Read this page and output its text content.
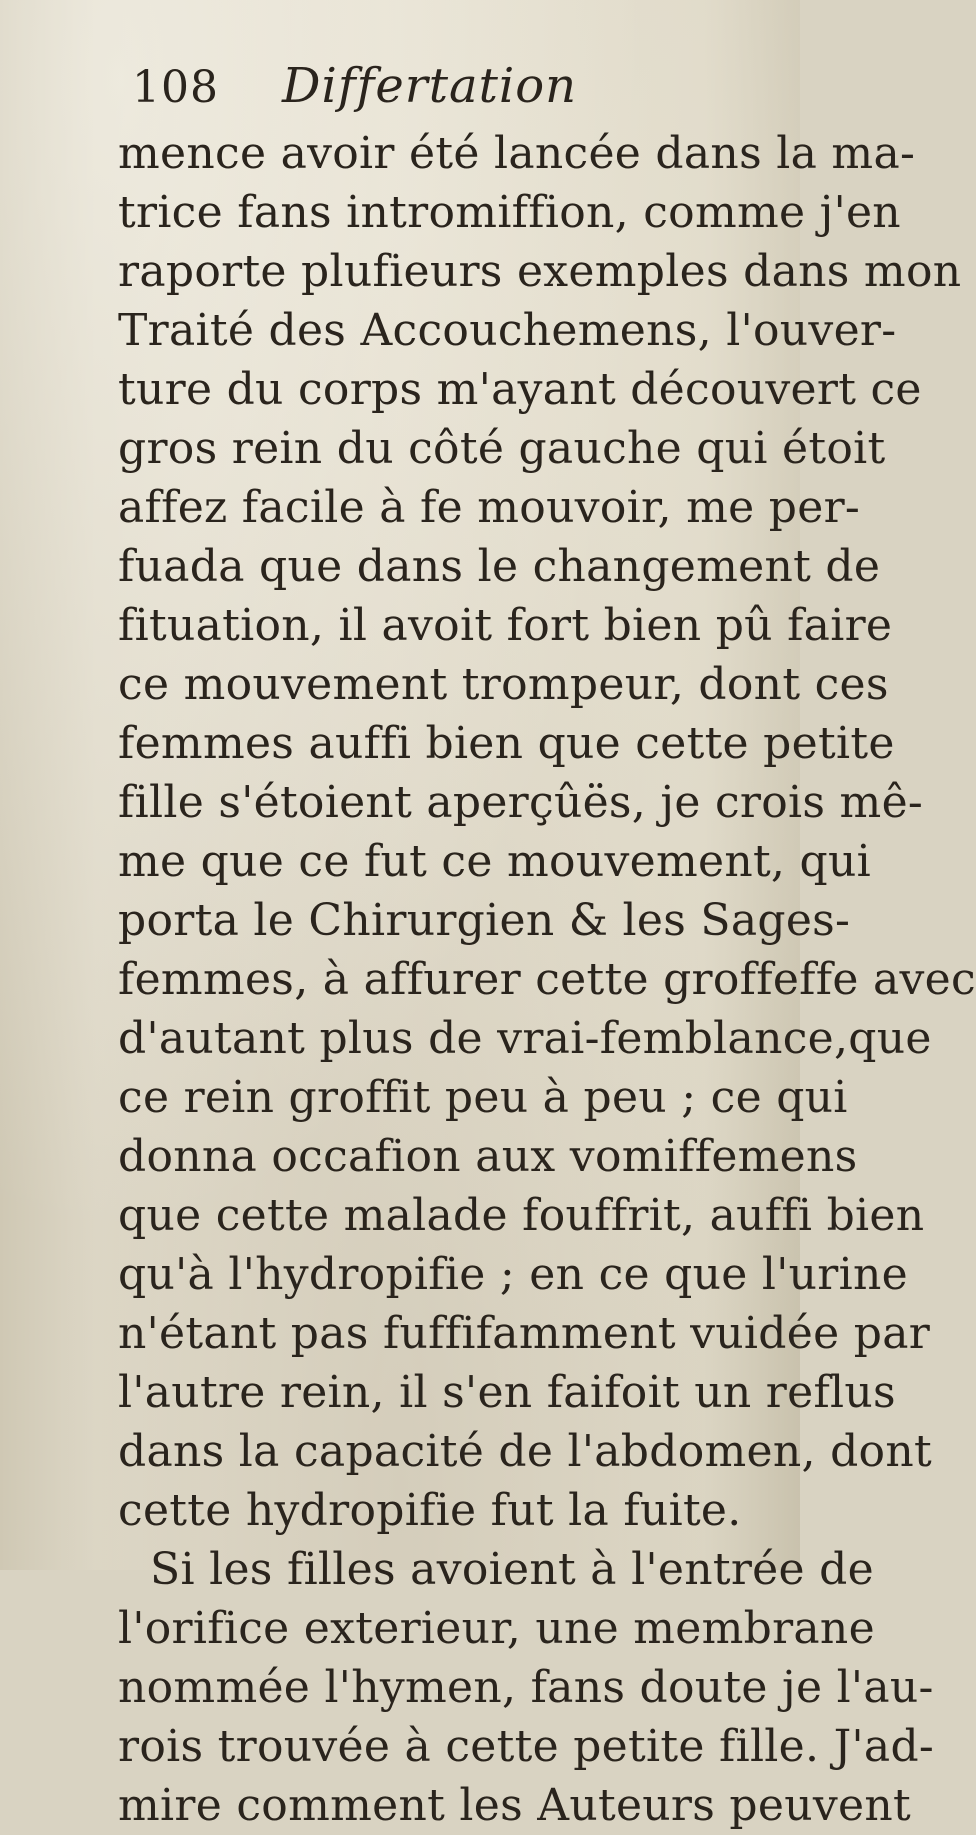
108 Differtation
mence avoir été lancée dans la ma-
trice fans intromiffion, comme j'en
raporte plufieurs exemples dans mon
Traité des Accouchemens, l'ouver-
ture du corps m'ayant découvert ce
gros rein du côté gauche qui étoit
affez facile à fe mouvoir, me per-
fuada que dans le changement de
fituation, il avoit fort bien pû faire
ce mouvement trompeur, dont ces
femmes auffi bien que cette petite
fille s'étoient aperçûës, je crois mê-
me que ce fut ce mouvement, qui
porta le Chirurgien & les Sages-
femmes, à affurer cette groffeffe avec
d'autant plus de vrai-femblance,que
ce rein groffit peu à peu ; ce qui
donna occafion aux vomiffemens
que cette malade fouffrit, auffi bien
qu'à l'hydropifie ; en ce que l'urine
n'étant pas fuffifamment vuidée par
l'autre rein, il s'en faifoit un reflus
dans la capacité de l'abdomen, dont
cette hydropifie fut la fuite.
Si les filles avoient à l'entrée de
l'orifice exterieur, une membrane
nommée l'hymen, fans doute je l'au-
rois trouvée à cette petite fille. J'ad-
mire comment les Auteurs peuvent
